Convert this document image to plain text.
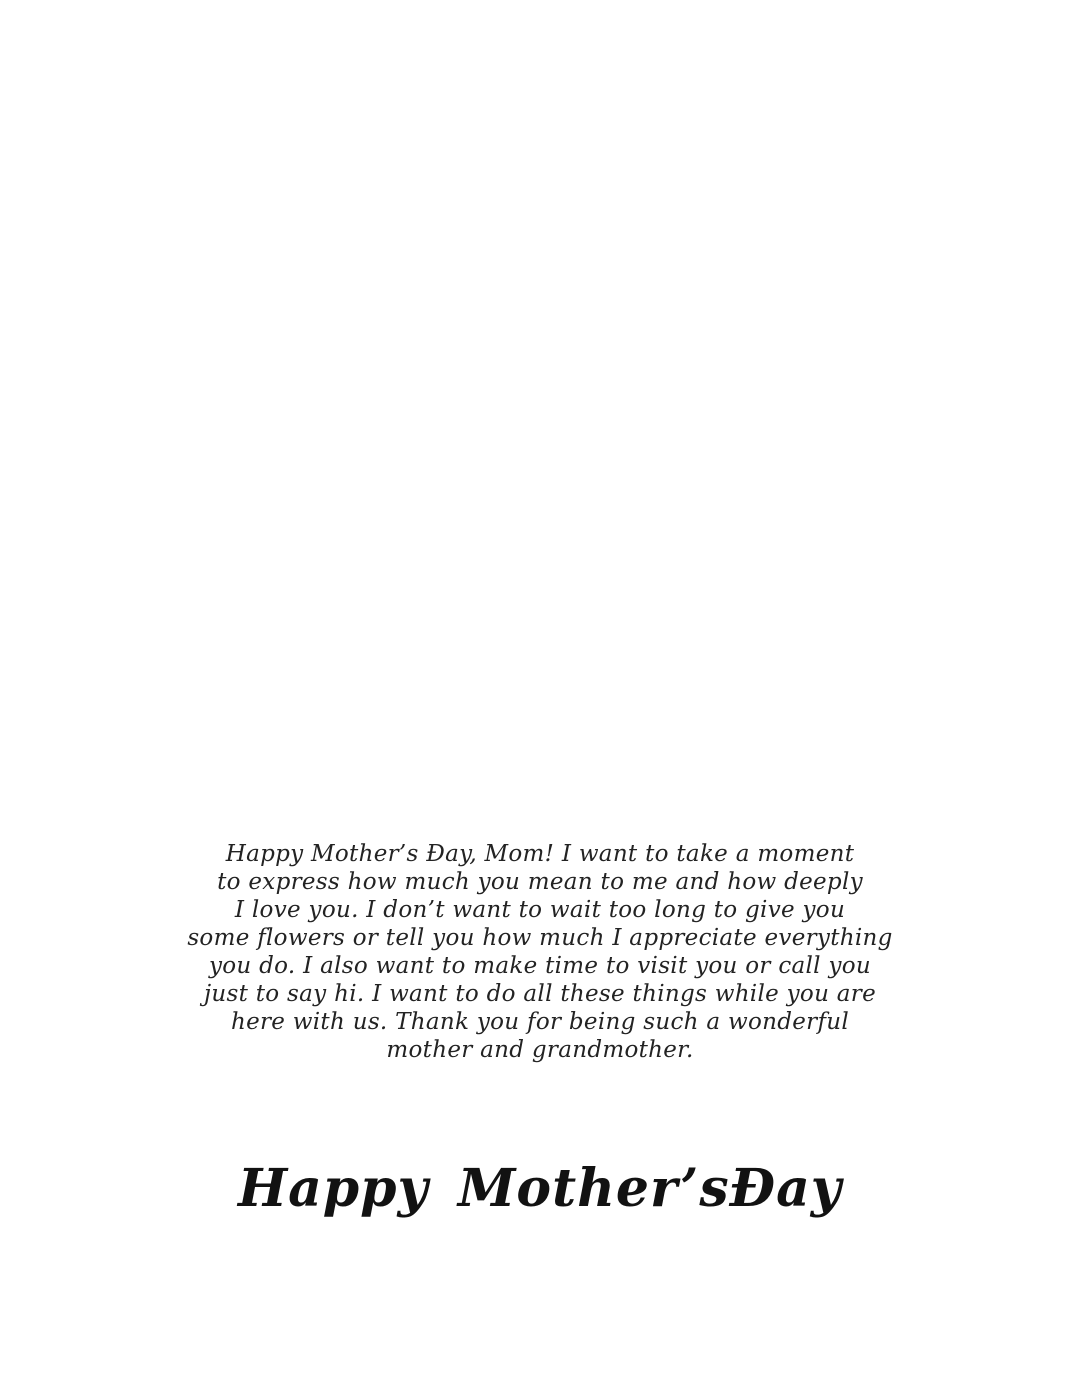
Happy Mother’s Đay, Mom! I want to take a moment
to express how much you mean to me and how deeply
I love you. I don’t want to wait too long to give you
some flowers or tell you how much I appreciate everything
you do. I also want to make time to visit you or call you
just to say hi. I want to do all these things while you are
here with us. Thank you for being such a wonderful
mother and grandmother.
Happy Mother’sĐay
